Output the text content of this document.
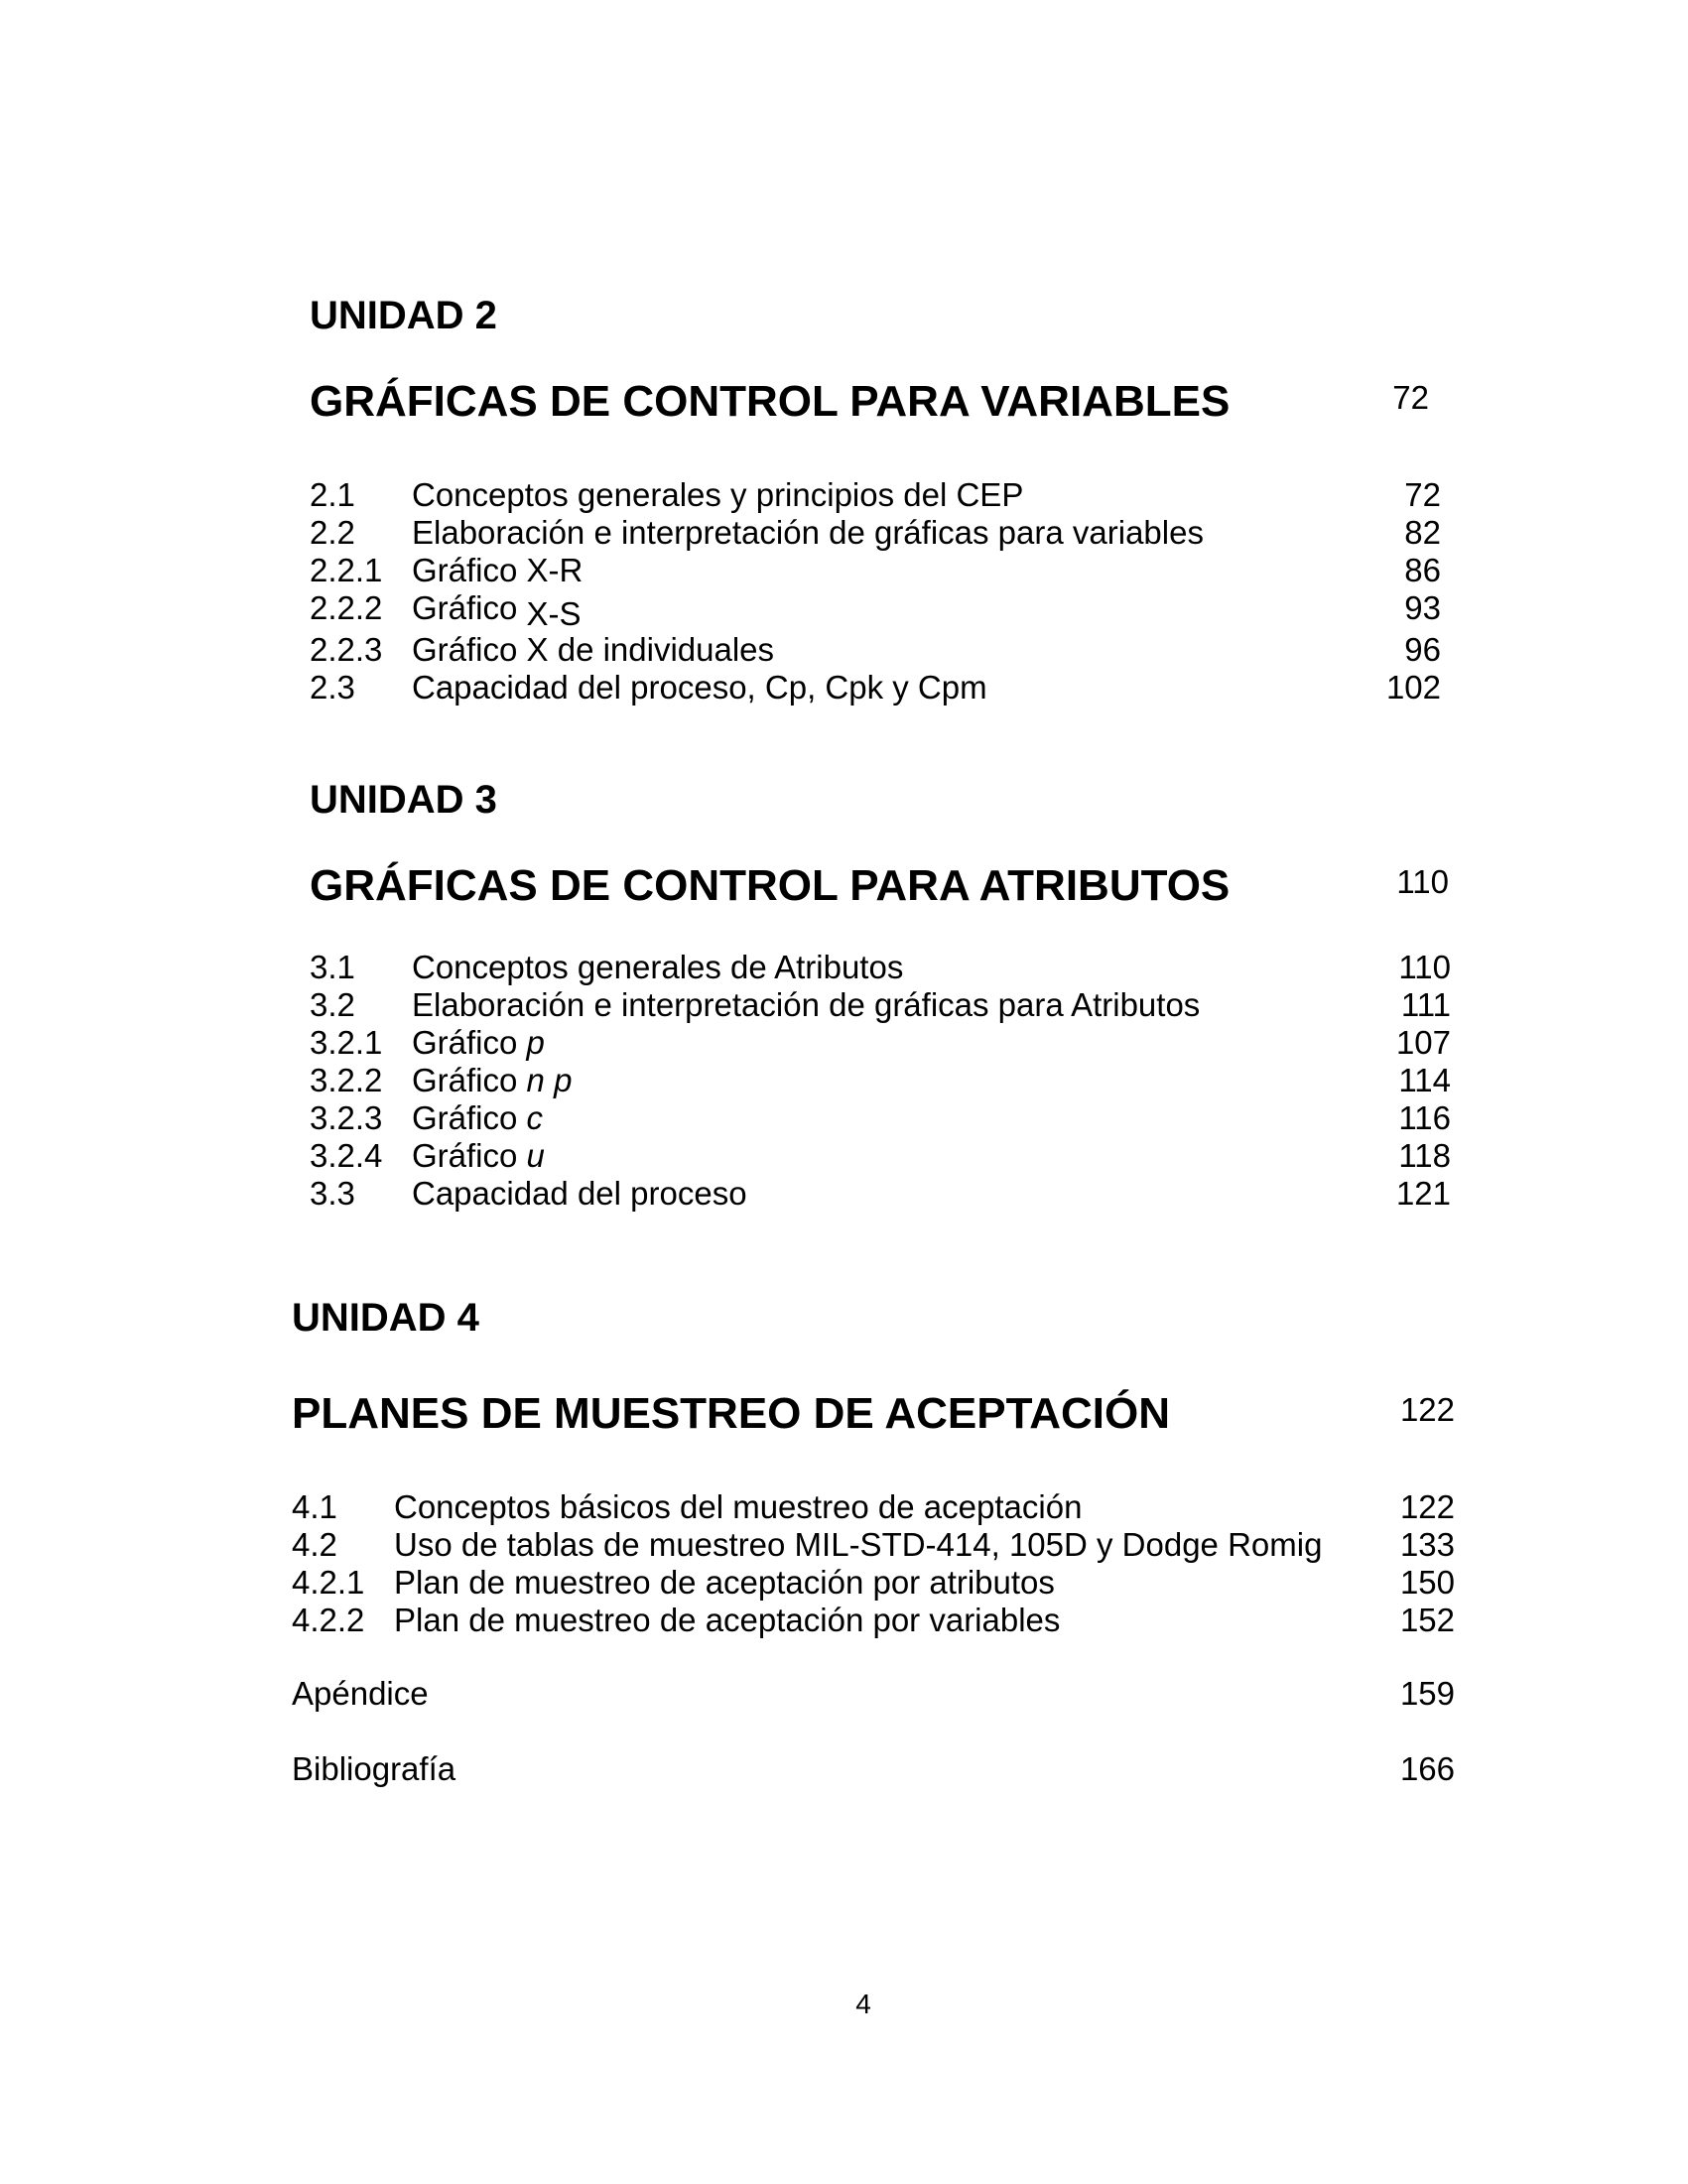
UNIDAD 2
GRÁFICAS DE CONTROL PARA VARIABLES	72
2.1 Conceptos generales y principios del CEP	72
2.2 Elaboración e interpretación de gráficas para variables	82
2.2.1 Gráfico X-R	86
2.2.2 Gráfico X-S	93
2.2.3 Gráfico X de individuales	96
2.3 Capacidad del proceso, Cp, Cpk y Cpm	102
UNIDAD 3
GRÁFICAS DE CONTROL PARA ATRIBUTOS	110
3.1 Conceptos generales de Atributos	110
3.2 Elaboración e interpretación de gráficas para Atributos	111
3.2.1 Gráfico p	107
3.2.2 Gráfico n p	114
3.2.3 Gráfico c	116
3.2.4 Gráfico u	118
3.3 Capacidad del proceso	121
UNIDAD 4
PLANES DE MUESTREO DE ACEPTACIÓN	122
4.1 Conceptos básicos del muestreo de aceptación	122
4.2 Uso de tablas de muestreo MIL-STD-414, 105D y Dodge Romig	133
4.2.1 Plan de muestreo de aceptación por atributos	150
4.2.2 Plan de muestreo de aceptación por variables	152
Apéndice	159
Bibliografía	166
4
